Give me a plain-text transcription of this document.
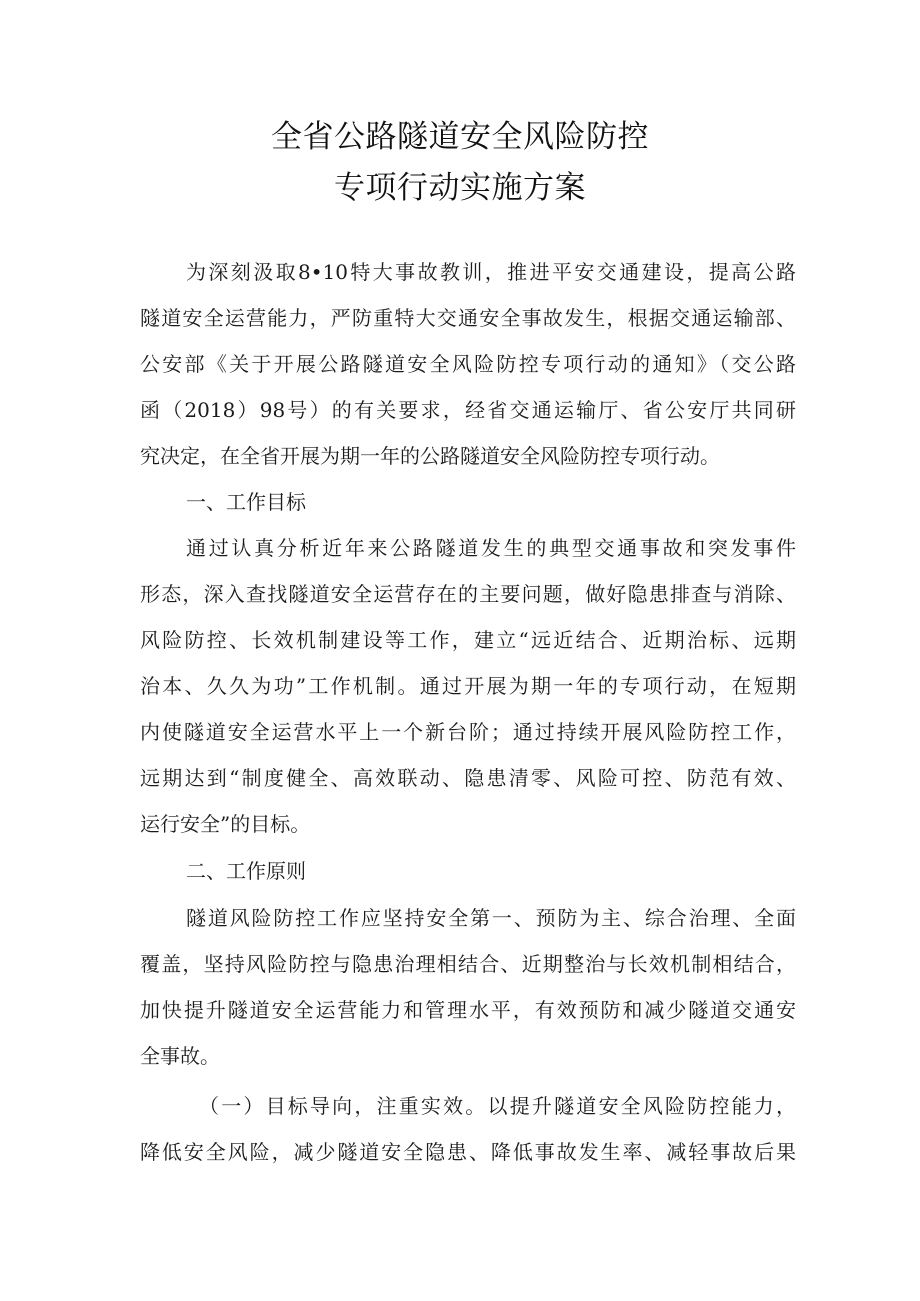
全省公路隧道安全风险防控
专项行动实施方案
为深刻汲取8•10特大事故教训，推进平安交通建设，提高公路
隧道安全运营能力，严防重特大交通安全事故发生，根据交通运输部、
公安部《关于开展公路隧道安全风险防控专项行动的通知》（交公路
函（2018）98号）的有关要求，经省交通运输厅、省公安厅共同研
究决定，在全省开展为期一年的公路隧道安全风险防控专项行动。
一、工作目标
通过认真分析近年来公路隧道发生的典型交通事故和突发事件
形态，深入查找隧道安全运营存在的主要问题，做好隐患排查与消除、
风险防控、长效机制建设等工作，建立“远近结合、近期治标、远期
治本、久久为功”工作机制。通过开展为期一年的专项行动，在短期
内使隧道安全运营水平上一个新台阶；通过持续开展风险防控工作，
远期达到“制度健全、高效联动、隐患清零、风险可控、防范有效、
运行安全”的目标。
二、工作原则
隧道风险防控工作应坚持安全第一、预防为主、综合治理、全面
覆盖，坚持风险防控与隐患治理相结合、近期整治与长效机制相结合，
加快提升隧道安全运营能力和管理水平，有效预防和减少隧道交通安
全事故。
（一）目标导向，注重实效。以提升隧道安全风险防控能力，
降低安全风险，减少隧道安全隐患、降低事故发生率、减轻事故后果
